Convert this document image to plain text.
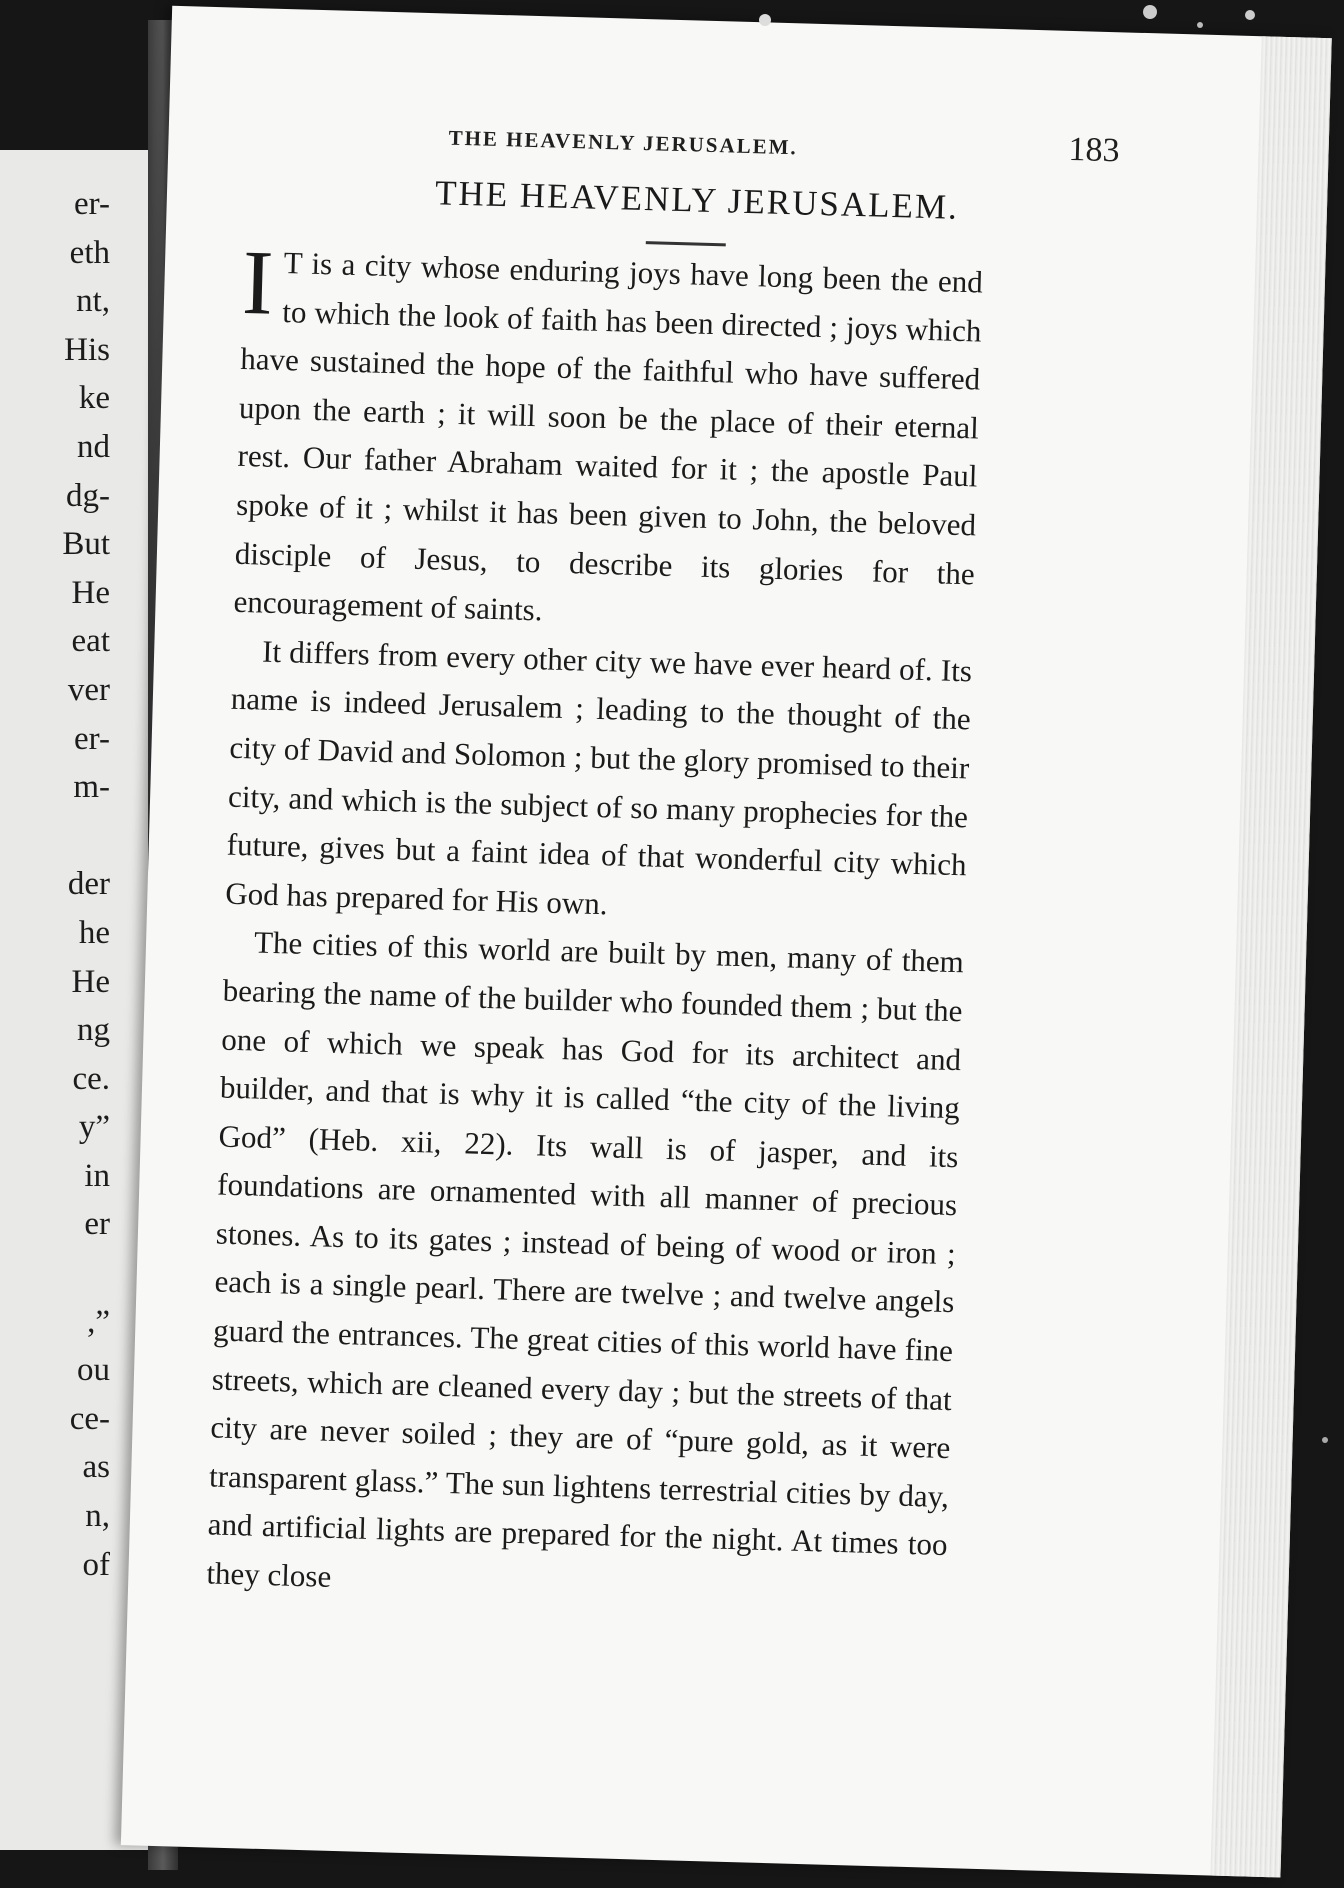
er-
eth
nt,
His
ke
nd
dg-
But
He
eat
ver
er-
m-
der
he
He
ng
ce.
y”
in
er
,”
ou
ce-
as
n,
of
THE HEAVENLY JERUSALEM.	183
THE HEAVENLY JERUSALEM.

I T is a city whose enduring joys have long been the end to which the look of faith has been directed ; joys which have sustained the hope of the faithful who have suffered upon the earth ; it will soon be the place of their eternal rest. Our father Abraham waited for it ; the apostle Paul spoke of it ; whilst it has been given to John, the beloved disciple of Jesus, to describe its glories for the encouragement of saints.

It differs from every other city we have ever heard of. Its name is indeed Jerusalem ; leading to the thought of the city of David and Solomon ; but the glory promised to their city, and which is the subject of so many prophecies for the future, gives but a faint idea of that wonderful city which God has prepared for His own.

The cities of this world are built by men, many of them bearing the name of the builder who founded them ; but the one of which we speak has God for its architect and builder, and that is why it is called “the city of the living God” (Heb. xii, 22). Its wall is of jasper, and its foundations are ornamented with all manner of precious stones. As to its gates ; instead of being of wood or iron ; each is a single pearl. There are twelve ; and twelve angels guard the entrances. The great cities of this world have fine streets, which are cleaned every day ; but the streets of that city are never soiled ; they are of “pure gold, as it were transparent glass.” The sun lightens terrestrial cities by day, and artificial lights are prepared for the night. At times too they close
